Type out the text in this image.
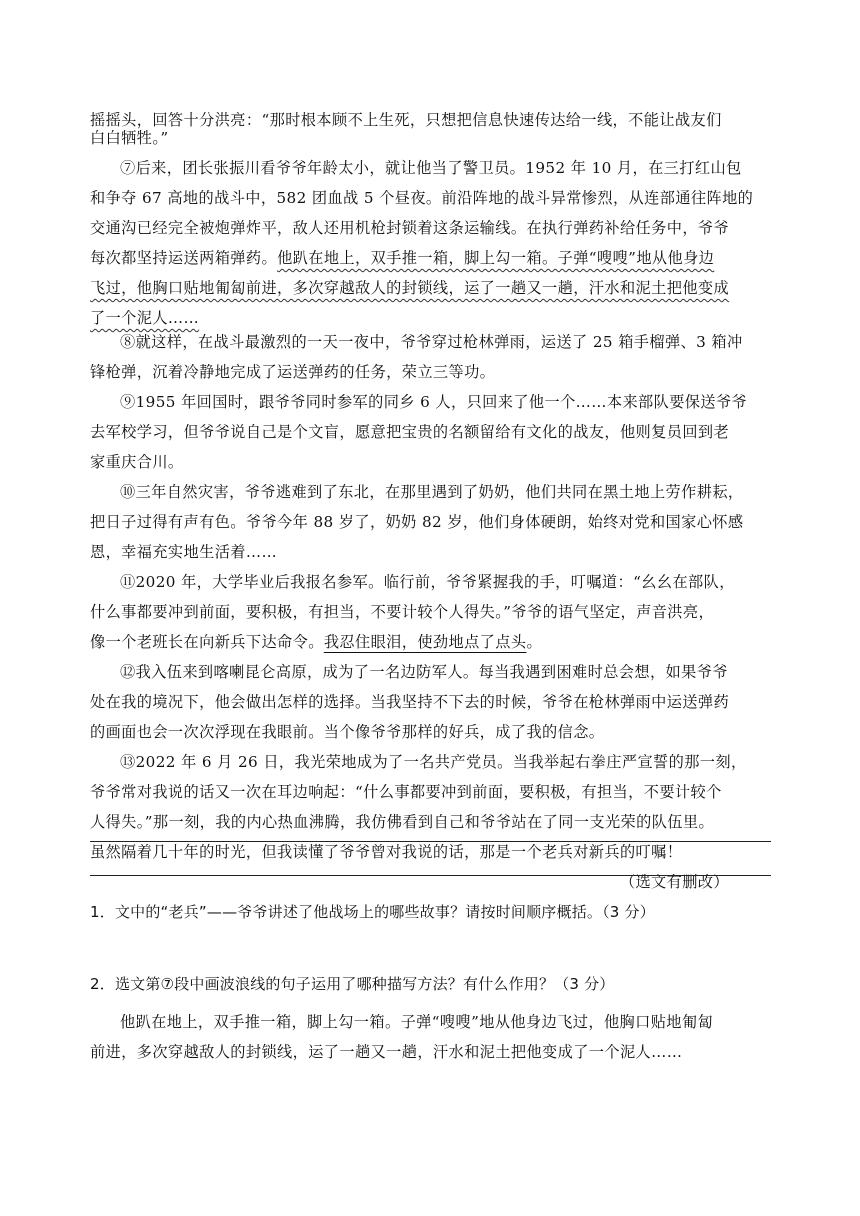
摇摇头，回答十分洪亮：“那时根本顾不上生死，只想把信息快速传达给一线，不能让战友们
白白牺牲。”
⑦后来，团长张振川看爷爷年龄太小，就让他当了警卫员。1952 年 10 月，在三打红山包
和争夺 67 高地的战斗中，582 团血战 5 个昼夜。前沿阵地的战斗异常惨烈，从连部通往阵地的
交通沟已经完全被炮弹炸平，敌人还用机枪封锁着这条运输线。在执行弹药补给任务中，爷爷
每次都坚持运送两箱弹药。他趴在地上，双手推一箱，脚上勾一箱。子弹“嗖嗖”地从他身边
飞过，他胸口贴地匍匐前进，多次穿越敌人的封锁线，运了一趟又一趟，汗水和泥土把他变成
了一个泥人……
⑧就这样，在战斗最激烈的一天一夜中，爷爷穿过枪林弹雨，运送了 25 箱手榴弹、3 箱冲
锋枪弹，沉着冷静地完成了运送弹药的任务，荣立三等功。
⑨1955 年回国时，跟爷爷同时参军的同乡 6 人，只回来了他一个……本来部队要保送爷爷
去军校学习，但爷爷说自己是个文盲，愿意把宝贵的名额留给有文化的战友，他则复员回到老
家重庆合川。
⑩三年自然灾害，爷爷逃难到了东北，在那里遇到了奶奶，他们共同在黑土地上劳作耕耘，
把日子过得有声有色。爷爷今年 88 岁了，奶奶 82 岁，他们身体硬朗，始终对党和国家心怀感
恩，幸福充实地生活着……
⑪2020 年，大学毕业后我报名参军。临行前，爷爷紧握我的手，叮嘱道：“幺幺在部队，
什么事都要冲到前面，要积极，有担当，不要计较个人得失。”爷爷的语气坚定，声音洪亮，
像一个老班长在向新兵下达命令。我忍住眼泪，使劲地点了点头。
⑫我入伍来到喀喇昆仑高原，成为了一名边防军人。每当我遇到困难时总会想，如果爷爷
处在我的境况下，他会做出怎样的选择。当我坚持不下去的时候，爷爷在枪林弹雨中运送弹药
的画面也会一次次浮现在我眼前。当个像爷爷那样的好兵，成了我的信念。
⑬2022 年 6 月 26 日，我光荣地成为了一名共产党员。当我举起右拳庄严宣誓的那一刻，
爷爷常对我说的话又一次在耳边响起：“什么事都要冲到前面，要积极，有担当，不要计较个
人得失。”那一刻，我的内心热血沸腾，我仿佛看到自己和爷爷站在了同一支光荣的队伍里。
虽然隔着几十年的时光，但我读懂了爷爷曾对我说的话，那是一个老兵对新兵的叮嘱！
（选文有删改）
1．文中的“老兵”——爷爷讲述了他战场上的哪些故事？请按时间顺序概括。（3 分）
2．选文第⑦段中画波浪线的句子运用了哪种描写方法？有什么作用？（3 分）
他趴在地上，双手推一箱，脚上勾一箱。子弹“嗖嗖”地从他身边飞过，他胸口贴地匍匐
前进，多次穿越敌人的封锁线，运了一趟又一趟，汗水和泥土把他变成了一个泥人……
